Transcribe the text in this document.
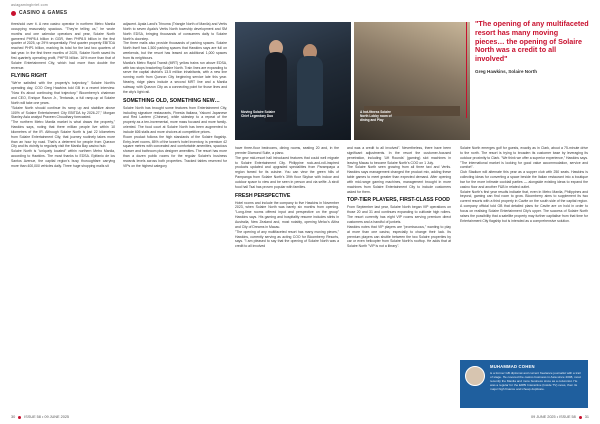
asiagamingbrief.com
CASINO & GAMES

threshold over it. A new casino operator in northern Metro Manila occupying reasonably spacious. "They're telling us," he wrote months and one calendar operators and year, Solaire North garnered PHP8.4 billion in GGR, then PHP8.5 billion in the first quarter of 2025, up 29% sequentially. First quarter property EBITDA reached PHP1 billion, marking its total for the last two quarters of last year. In the first three months of 2025, Solaire North saved its first quarterly operating profit, PHP78 billion. 16% more than that of Solaire Entertainment City, which had more than double the revenue.

FLYING RIGHT

"We're satisfied with the property's trajectory," Solaire North's operating day, COO Greg Hawkins told GB in a recent interview. "Now it's about continuing that trajectory." Bloomberry's chairman and CEO, Enrique Razon Jr., Tentanda, a full ramp-up at Solaire North will take one years.

"Solaire North should continue its ramp up and stabilize above 100% of Solaire Entertainment City EBITDA by 2026-27," Morgan Stanley Asia analyst Praveen Choudhary forecasted.

"The northern Metro Manila market is what draws the property," Hawkins says, noting that there millian people live within 10 kilometres of the IR. Although Solaire North is just 22 kilometres from Solaire Entertainment City, that journey routinely takes more than an hour by road. That's a deterrent for people from Quezon City and its vicinity to regularly visit the Manila Bay casino hub.

Solaire North is "uniquely located" within northern Metro Manila, according to Hawkins. The most thanks to EDSA. Epifanio de los Santos Avenue, the capital region's busy thoroughfare carrying more than 400,000 vehicles daily. Three huge shopping malls sit

adjacent. Ayala Land's Trinoma (Triangle North of Manila) and Vertis North to seven Ayala's Vertis North township development and SM North EDSA, bringing thousands of consumers daily to Solaire North's doorstep.

The three malls also provide thousands of parking spaces. Solaire North itself has 1,500 parking spaces that Hawkins says are full on weekends, but the resort has leased an additional 1,000 spaces from its neighbours.

Manila's Metro Rapid Transit (MRT) yellow trains run above EDSA, with two stops bracketing Solaire North. Train lines are expanding to serve the capital district's 13.5 million inhabitants, with a new line running north from Quezon City beginning service late this year. Nearby, ridge plans include a second MRT line and a Manila subway, with Quezon City as a connecting point for those lines and the city's light rail.

SOMETHING OLD, SOMETHING NEW…

Solaire North has brought some features from Entertainment City, including signature restaurants, Finesta Italiana, Yakumi Japanese and Red Lantern (Chinese), while sidestep to a repeat of the property as a ten-incremental, more mass focused and more family-oriented. The food court at Solaire North has been augmented to include 606 stalls and more choices at competitive prices.

Room product follows the high standards of the Solaire flagship. Entry-level rooms, 85% of the tower's hotel inventory, is premium 42 square metres with concealed and comfortable amenities, spacious shower and bathroom plus designer amenities. The resort has more than a dozen public rooms for the regular Solaire's business rewards levels across both properties. Tracked tables reserved for VIPs on the highest category

Moving Solaire Solaire
Chief Legendary Duo
A hot-fitness Solaire
North Lobby room of
dining and Play
"The opening of any multifaceted resort has many moving pieces… the opening of Solaire North was a credit to all involved"
Greg Hawkins, Solaire North

have three-floor bedrooms, dining rooms, seating 20 and, in the premier Diamond Suite, a piano.

The gew mid-resort hall introduced features that could well migrate to Solaire Entertainment City. Philippine rock-and-roll-inspired products updated and upgraded specialities from Parampaya a region famed for its cuisine. You can view the green hills of Pampanga from Solaire North's 39th floor Skybar with indoor and outdoor space to view and be seen in person and via selfie. A stroll food hall Tsai has proven popular with families.

FRESH PERSPECTIVE

Hotel rooms and include the company to five Hawkins in November 2023, when Solaire North was barely six months from opening. "Long-time rooms offered input and perspective on the group" Hawkins says. His gaming and hospitality resume includes stints in Australia, New Zealand and, most notably, opening Melco's Altira and City of Dreams in Macau.

"The opening of any multifaceted resort has many moving pieces," Hawkins, currently serving as acting COO for Bloomberry Resorts, says. "I am pleased to say that the opening of Solaire North was a credit to all involved

and was a credit to all involved". Nevertheless, there have been significant adjustments. In the resort the customer-focused penetration, including 'Lift Rounds' (gaming) slot machines in leaving Macau to become Solaire North's COO on 1 July.

The Solaire North seen growing from all three taxi and Vertis. Hawkins says management changed the product mix, adding these table games to meet greater than expected demand. After opening with mid-range gaming machines, management brought in more machines from Solaire Entertainment City to include customers asked for them.

TOP-TIER PLAYERS, FIRST-CLASS FOOD

From September last year, Solaire North began VIP operations on those 20 and 31 and continues expanding to cultivate high rollers. The resort currently has eight VIP rooms serving premium direct customers and a handful of junkets.

Hawkins notes that VIP players are "promiscuous," wanting to play at more than one casino, especially to change their luck. Its premium players can shuttle between the two Solaire properties by car or even helicopter from Solaire North's rooftop. He adds that at Solaire North "VIP is not a library".

Solaire North emerges golf for guests, exactly as in Clark, about a 75-minute drive to the north. The resort is trying to broaden its customer base by leveraging its outdoor proximity to Clark. "We think we offer a superior experience," Hawkins says. "The international market is looking for good value accommodation, service and comfort".

Club Stadium will alternate this year as a supper club with 250 seats. Hawkins is collecting ideas for converting a space beside the Italian restaurant into a boutique bar for the more intimate cocktail parties — alongside existing ideas to expand the casino floor and another F&B in related outlet.

Solaire North's first year results indicate that, even in Metro Manila, Philippines and beyond, gaming can find room to grow. Bloomberry aims to supplement its two current resorts with a third property in Cavite on the south side of the capital region. A company official told GB that detailed plans for Cavite are on hold in order to focus on realising Solaire Entertainment City's upper. The success of Solaire North raises the possibility that a satellite property may further capitalise from that time for Entertainment City flagship but is intended as a comprehensive solution.

MUHAMMAD COHEN
is a former GB diplomat and current freelance journalist with a trail of stage. He covered the casino business in Asia since 2008, most recently the Manila and more business since as a columnist. He was a regular for the ERBI Interactive (Inside TV) news, then its major high finance and cheap duplicate.
30 ISSUE 58 • 09 JUNE 2025	09 JUNE 2025 • ISSUE 58 31
